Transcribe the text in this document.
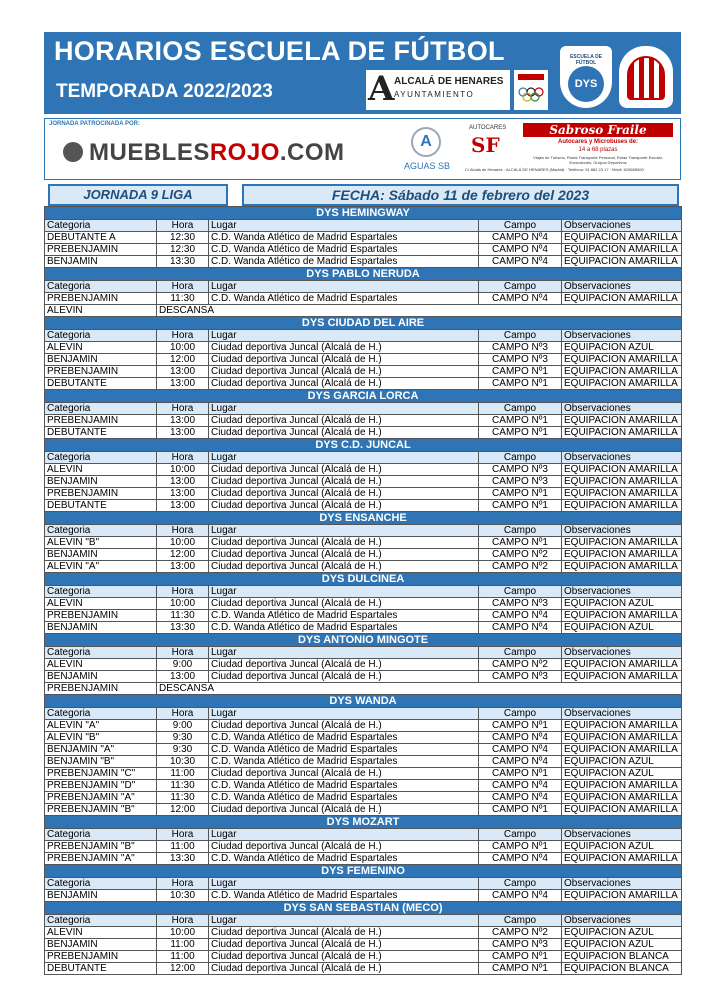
HORARIOS ESCUELA DE FÚTBOL
TEMPORADA 2022/2023	A ALCALÁ DE HENARES
AYUNTAMIENTO
ESCUELA DE FÚTBOL
DYS
JORNADA PATROCINADA POR:
MUEBLESROJO.COM	A
AGUAS SB
AUTOCARES
SF
Sabroso Fraile
Autocares y Microbuses de:
14 a 68 plazas
Viajes de Turismo, Rutas Transporte Personal, Rutas Transporte Escolar, Excursiones, Grupos Deportivos
C/ Alcalá de Henares · ALCALÁ DE HENARES (Madrid) · Teléfono: 91 882 23 17 · Móvil: 629665000
JORNADA 9 LIGA	FECHA: Sábado 11 de febrero del 2023
DYS HEMINGWAY				
Categoria	Hora	Lugar	Campo	Observaciones
DEBUTANTE A	12:30	C.D. Wanda Atlético de Madrid Espartales	CAMPO Nº4	EQUIPACION AMARILLA
PREBENJAMIN	12:30	C.D. Wanda Atlético de Madrid Espartales	CAMPO Nº4	EQUIPACION AMARILLA
BENJAMIN	13:30	C.D. Wanda Atlético de Madrid Espartales	CAMPO Nº4	EQUIPACION AMARILLA
DYS PABLO NERUDA				
Categoria	Hora	Lugar	Campo	Observaciones
PREBENJAMIN	11:30	C.D. Wanda Atlético de Madrid Espartales	CAMPO Nº4	EQUIPACION AMARILLA
ALEVIN	DESCANSA			
DYS CIUDAD DEL AIRE				
Categoria	Hora	Lugar	Campo	Observaciones
ALEVIN	10:00	Ciudad deportiva Juncal (Alcalá de H.)	CAMPO Nº3	EQUIPACION AZUL
BENJAMIN	12:00	Ciudad deportiva Juncal (Alcalá de H.)	CAMPO Nº3	EQUIPACION AMARILLA
PREBENJAMIN	13:00	Ciudad deportiva Juncal (Alcalá de H.)	CAMPO Nº1	EQUIPACION AMARILLA
DEBUTANTE	13:00	Ciudad deportiva Juncal (Alcalá de H.)	CAMPO Nº1	EQUIPACION AMARILLA
DYS GARCIA LORCA				
Categoria	Hora	Lugar	Campo	Observaciones
PREBENJAMIN	13:00	Ciudad deportiva Juncal (Alcalá de H.)	CAMPO Nº1	EQUIPACION AMARILLA
DEBUTANTE	13:00	Ciudad deportiva Juncal (Alcalá de H.)	CAMPO Nº1	EQUIPACION AMARILLA
DYS C.D. JUNCAL				
Categoria	Hora	Lugar	Campo	Observaciones
ALEVIN	10:00	Ciudad deportiva Juncal (Alcalá de H.)	CAMPO Nº3	EQUIPACION AMARILLA
BENJAMIN	13:00	Ciudad deportiva Juncal (Alcalá de H.)	CAMPO Nº3	EQUIPACION AMARILLA
PREBENJAMIN	13:00	Ciudad deportiva Juncal (Alcalá de H.)	CAMPO Nº1	EQUIPACION AMARILLA
DEBUTANTE	13:00	Ciudad deportiva Juncal (Alcalá de H.)	CAMPO Nº1	EQUIPACION AMARILLA
DYS ENSANCHE				
Categoria	Hora	Lugar	Campo	Observaciones
ALEVIN "B"	10:00	Ciudad deportiva Juncal (Alcalá de H.)	CAMPO Nº1	EQUIPACION AMARILLA
BENJAMIN	12:00	Ciudad deportiva Juncal (Alcalá de H.)	CAMPO Nº2	EQUIPACION AMARILLA
ALEVIN "A"	13:00	Ciudad deportiva Juncal (Alcalá de H.)	CAMPO Nº2	EQUIPACION AMARILLA
DYS DULCINEA				
Categoria	Hora	Lugar	Campo	Observaciones
ALEVIN	10:00	Ciudad deportiva Juncal (Alcalá de H.)	CAMPO Nº3	EQUIPACION AZUL
PREBENJAMIN	11:30	C.D. Wanda Atlético de Madrid Espartales	CAMPO Nº4	EQUIPACION AMARILLA
BENJAMIN	13:30	C.D. Wanda Atlético de Madrid Espartales	CAMPO Nº4	EQUIPACION AZUL
DYS ANTONIO MINGOTE				
Categoria	Hora	Lugar	Campo	Observaciones
ALEVIN	9:00	Ciudad deportiva Juncal (Alcalá de H.)	CAMPO Nº2	EQUIPACION AMARILLA
BENJAMIN	13:00	Ciudad deportiva Juncal (Alcalá de H.)	CAMPO Nº3	EQUIPACION AMARILLA
PREBENJAMIN	DESCANSA			
DYS WANDA				
Categoria	Hora	Lugar	Campo	Observaciones
ALEVIN "A"	9:00	Ciudad deportiva Juncal (Alcalá de H.)	CAMPO Nº1	EQUIPACION AMARILLA
ALEVIN "B"	9:30	C.D. Wanda Atlético de Madrid Espartales	CAMPO Nº4	EQUIPACION AMARILLA
BENJAMIN "A"	9:30	C.D. Wanda Atlético de Madrid Espartales	CAMPO Nº4	EQUIPACION AMARILLA
BENJAMIN "B"	10:30	C.D. Wanda Atlético de Madrid Espartales	CAMPO Nº4	EQUIPACION AZUL
PREBENJAMIN "C"	11:00	Ciudad deportiva Juncal (Alcalá de H.)	CAMPO Nº1	EQUIPACION AZUL
PREBENJAMIN "D"	11:30	C.D. Wanda Atlético de Madrid Espartales	CAMPO Nº4	EQUIPACION AMARILLA
PREBENJAMIN "A"	11:30	C.D. Wanda Atlético de Madrid Espartales	CAMPO Nº4	EQUIPACION AMARILLA
PREBENJAMIN "B"	12:00	Ciudad deportiva Juncal (Alcalá de H.)	CAMPO Nº1	EQUIPACION AMARILLA
DYS MOZART				
Categoria	Hora	Lugar	Campo	Observaciones
PREBENJAMIN "B"	11:00	Ciudad deportiva Juncal (Alcalá de H.)	CAMPO Nº1	EQUIPACION AZUL
PREBENJAMIN "A"	13:30	C.D. Wanda Atlético de Madrid Espartales	CAMPO Nº4	EQUIPACION AMARILLA
DYS FEMENINO				
Categoria	Hora	Lugar	Campo	Observaciones
BENJAMIN	10:30	C.D. Wanda Atlético de Madrid Espartales	CAMPO Nº4	EQUIPACION AMARILLA
DYS SAN SEBASTIAN (MECO)				
Categoria	Hora	Lugar	Campo	Observaciones
ALEVIN	10:00	Ciudad deportiva Juncal (Alcalá de H.)	CAMPO Nº2	EQUIPACION AZUL
BENJAMIN	11:00	Ciudad deportiva Juncal (Alcalá de H.)	CAMPO Nº3	EQUIPACION AZUL
PREBENJAMIN	11:00	Ciudad deportiva Juncal (Alcalá de H.)	CAMPO Nº1	EQUIPACION BLANCA
DEBUTANTE	12:00	Ciudad deportiva Juncal (Alcalá de H.)	CAMPO Nº1	EQUIPACION BLANCA
